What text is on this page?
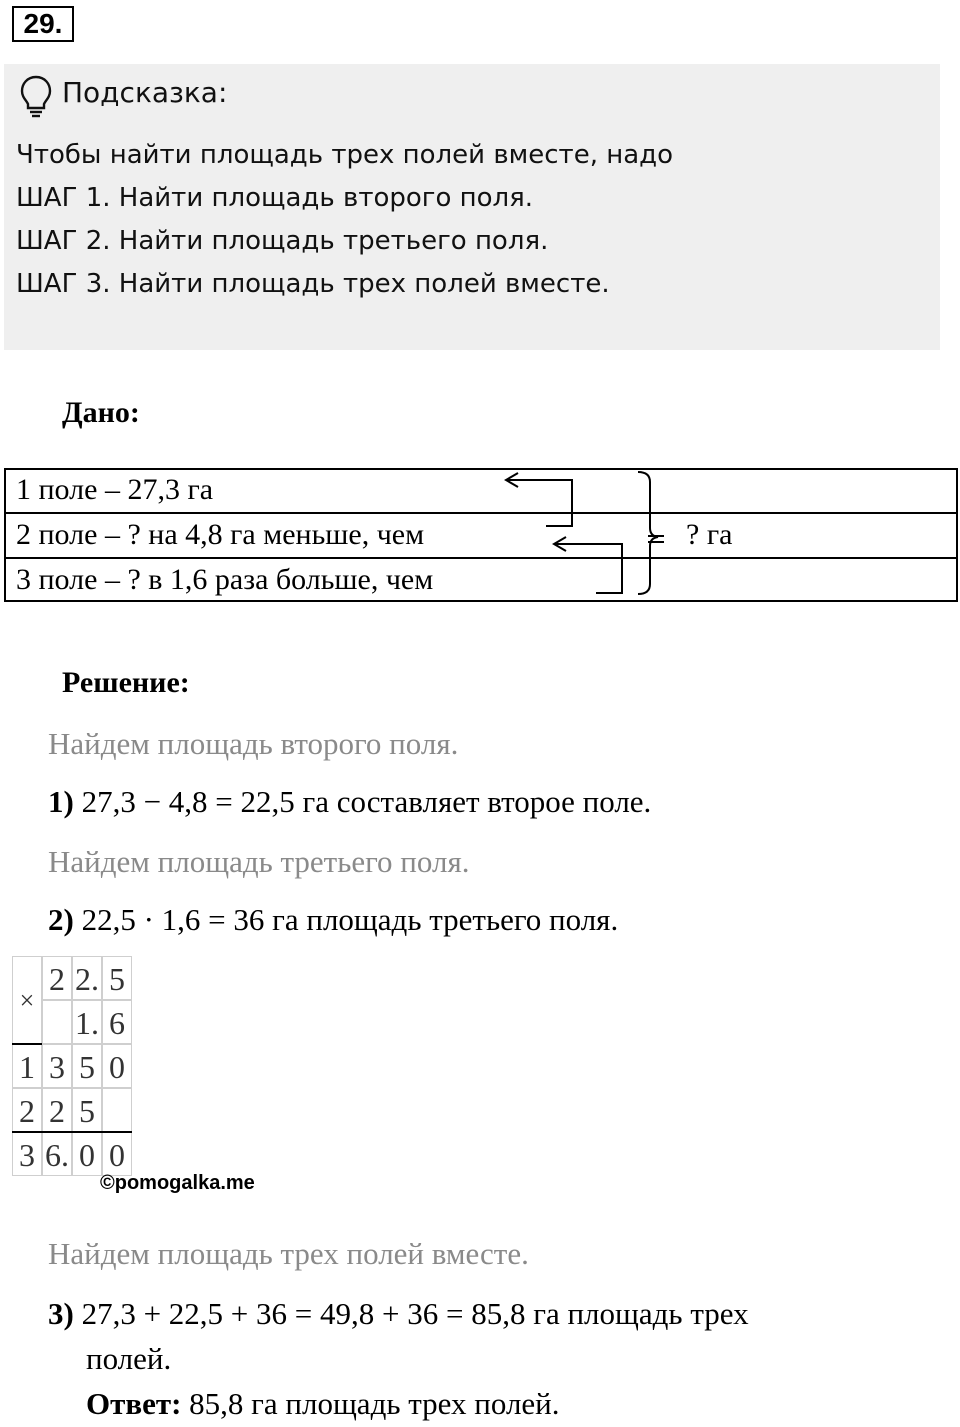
29.
Подсказка:
Чтобы найти площадь трех полей вместе, надо
ШАГ 1. Найти площадь второго поля.
ШАГ 2. Найти площадь третьего поля.
ШАГ 3. Найти площадь трех полей вместе.
Дано:
1 поле – 27,3 га
2 поле – ? на 4,8 га меньше, чем
3 поле – ? в 1,6 раза больше, чем
? га
Решение:
Найдем площадь второго поля.
1) 27,3 − 4,8 = 22,5 га составляет второе поле.
Найдем площадь третьего поля.
2) 22,5 · 1,6 = 36 га площадь третьего поля.
×
2 2. 5
1. 6
1 3 5 0
2 2 5
3 6. 0 0
©pomogalka.me
Найдем площадь трех полей вместе.
3) 27,3 + 22,5 + 36 = 49,8 + 36 = 85,8 га площадь трех
полей.
Ответ: 85,8 га площадь трех полей.
